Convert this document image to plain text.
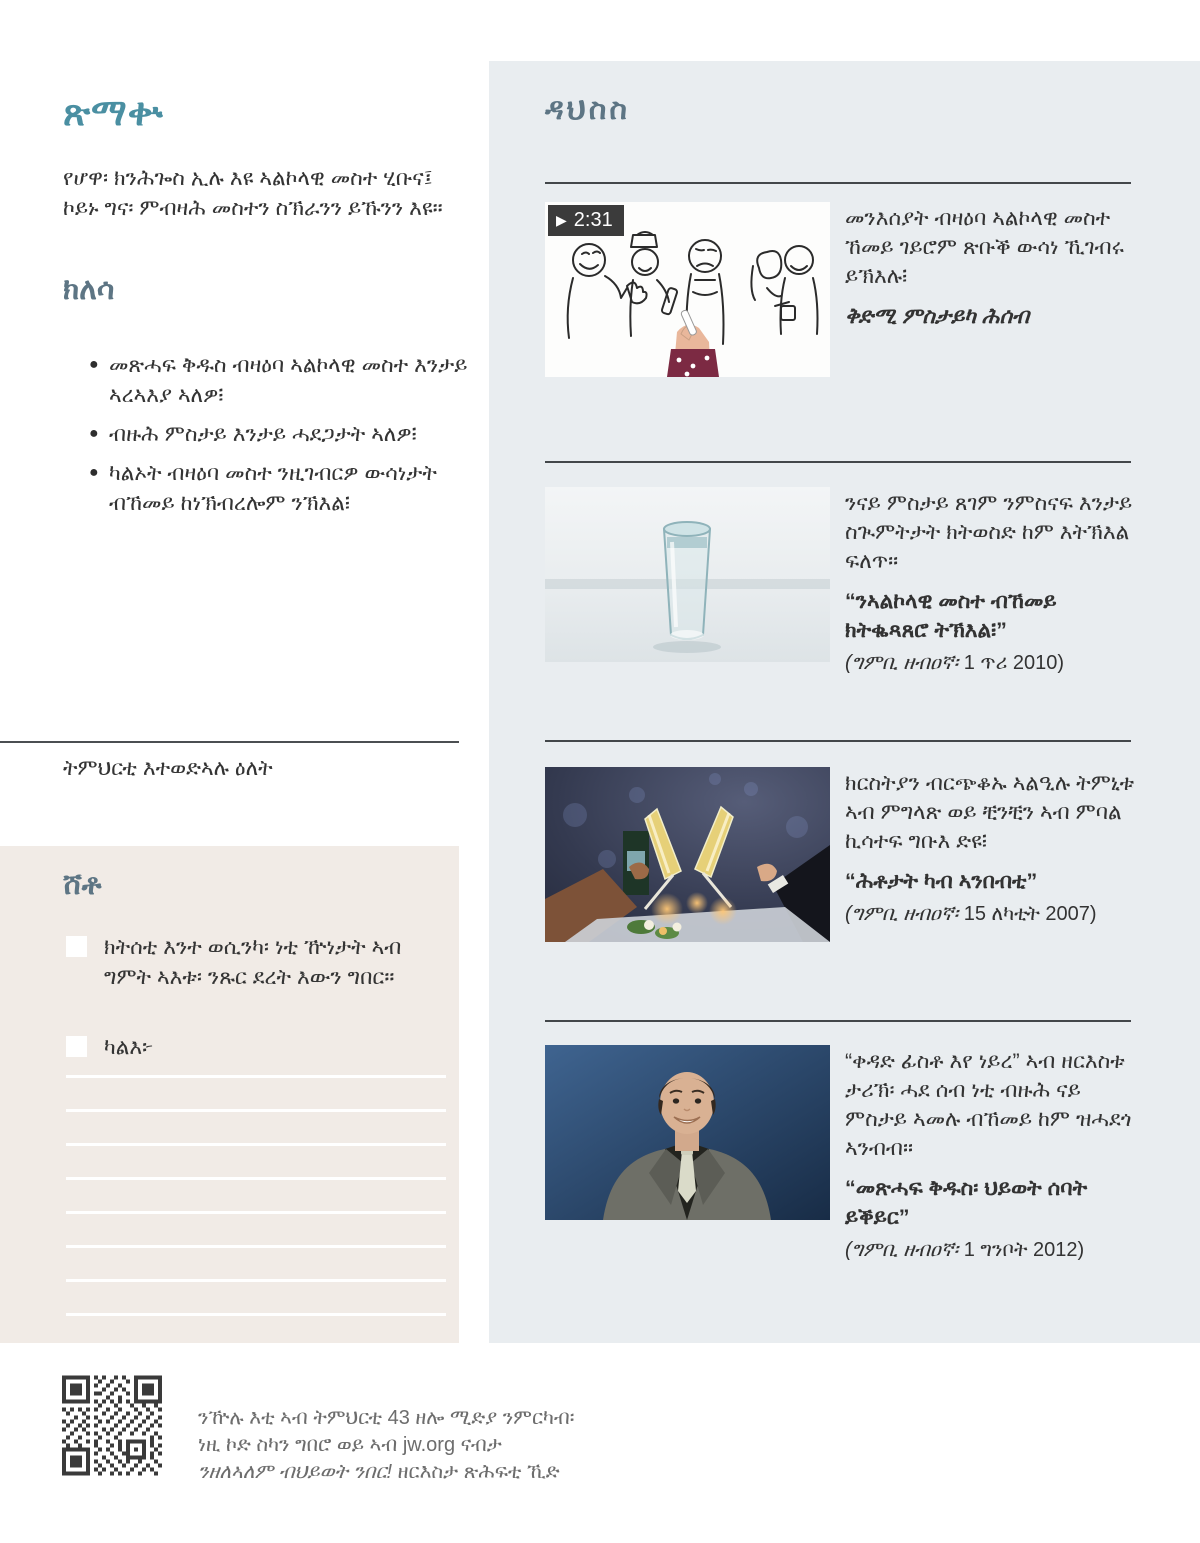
ጽማቍ

የሆዋ፡ ክንሕጐስ ኢሉ እዩ ኣልኮላዊ መስተ ሂቡና፤ ኮይኑ ግና፡ ምብዛሕ መስተን ስኽራንን ይኹንን እዩ።

ክለሳ
● መጽሓፍ ቅዱስ ብዛዕባ ኣልኮላዊ መስተ እንታይ ኣረኣእያ ኣለዎ፧
● ብዙሕ ምስታይ እንታይ ሓደጋታት ኣለዎ፧
● ካልኦት ብዛዕባ መስተ ንዚገብርዎ ውሳነታት ብኸመይ ከነኽብረሎም ንኽእል፧

ትምህርቲ እተወድኣሉ ዕለት

ሸቶ
ክትሰቲ እንተ ወሲንካ፡ ነቲ ዅነታት ኣብ ግምት ኣእቱ፡ ንጹር ደረት እውን ግበር።
ካልእ፦
ዳህስስ
▶ 2:31	መንእሰያት ብዛዕባ ኣልኮላዊ መስተ ኸመይ ገይሮም ጽቡቕ ውሳነ ኺገብሩ ይኽእሉ፧

ቅድሚ ምስታይካ ሕሰብ

ንናይ ምስታይ ጸገም ንምስናፍ እንታይ ስጒምትታት ክትወስድ ከም እትኽእል ፍለጥ።

“ንኣልኮላዊ መስተ ብኸመይ ክትቈጻጸሮ ትኽእል፧”

(ግምቢ ዘብዐኛ፡ 1 ጥሪ 2010)

ክርስትያን ብርጭቆኡ ኣልዒሉ ትምኒቱ ኣብ ምግላጽ ወይ ቺንቺን ኣብ ምባል ኪሳተፍ ግቡእ ድዩ፧

“ሕቶታት ካብ ኣንበብቲ”

(ግምቢ ዘብዐኛ፡ 15 ለካቲት 2007)

“ቀዳድ ፊስቶ እየ ነይረ” ኣብ ዘርእስቱ ታሪኽ፡ ሓደ ሰብ ነቲ ብዙሕ ናይ ምስታይ ኣመሉ ብኸመይ ከም ዝሓደጎ ኣንብብ።

“መጽሓፍ ቅዱስ፡ ህይወት ሰባት ይቕይር”

(ግምቢ ዘብዐኛ፡ 1 ግንቦት 2012)

ንዅሉ እቲ ኣብ ትምህርቲ 43 ዘሎ ሚድያ ንምርካብ፡
ነዚ ኮድ ስካን ግበሮ ወይ ኣብ jw.org ናብታ
ንዘለኣለም ብህይወት ንበር! ዘርእስታ ጽሕፍቲ ኺድ
